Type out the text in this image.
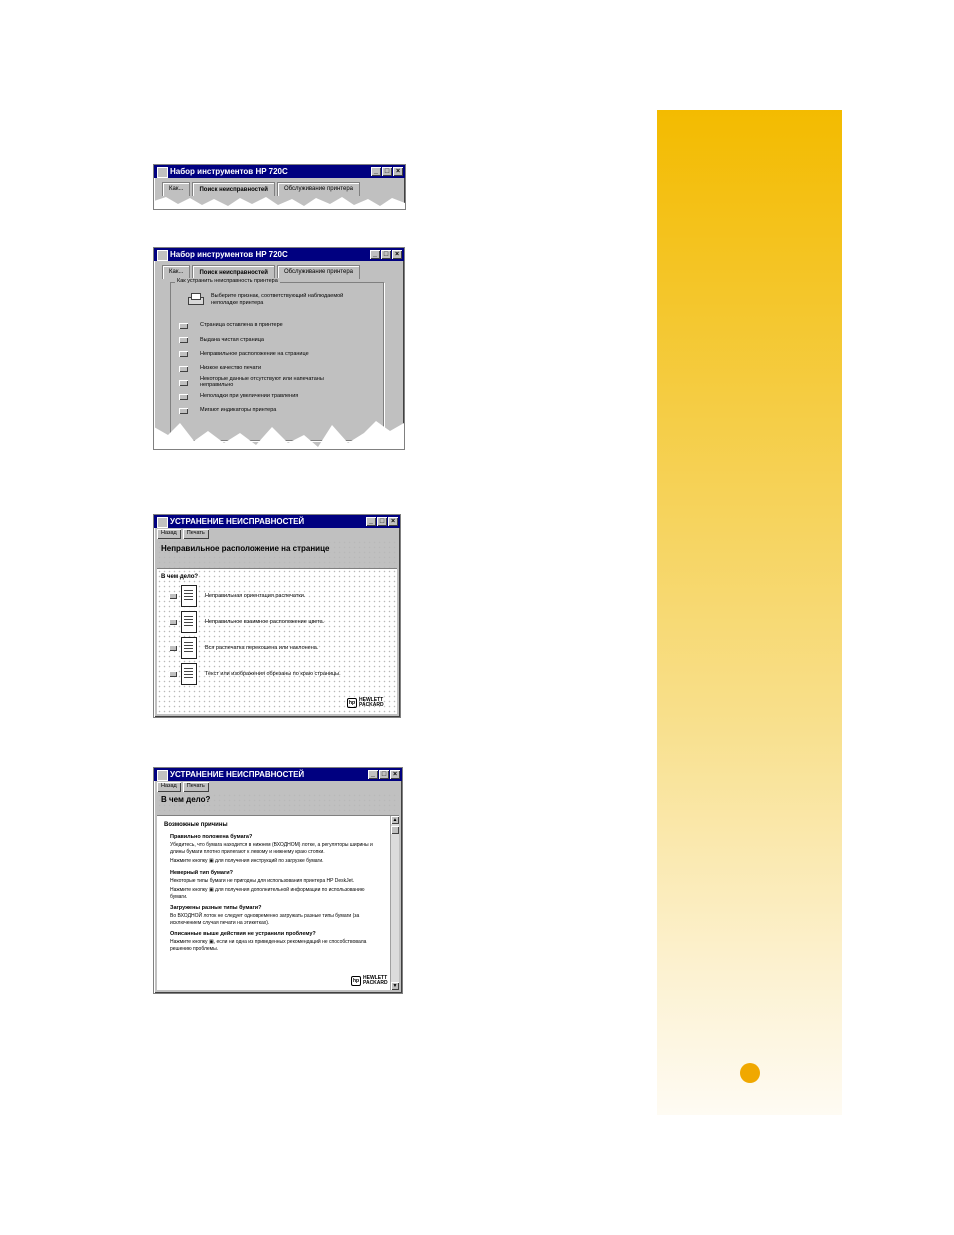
Набор инструментов HP 720C	_ □ ×
Как...	Поиск неисправностей	Обслуживание принтера
Набор инструментов HP 720C	_ □ ×
Как...	Поиск неисправностей	Обслуживание принтера
Как устранить неисправность принтера
Выберите признак, соответствующий наблюдаемой неполадке принтера
Страница оставлена в принтере
Выдана чистая страница
Неправильное расположение на странице
Низкое качество печати
Некоторые данные отсутствуют или напечатаны неправильно
Неполадки при увеличении травления
Мигают индикаторы принтера
УСТРАНЕНИЕ НЕИСПРАВНОСТЕЙ	_ □ ×
Назад	Печать
Неправильное расположение на странице
В чем дело?
Неправильная ориентация распечатки.
Неправильное взаимное расположение цвета.
Вся распечатка перекошена или наклонена.
Текст или изображения обрезаны по краю страницы.
hp HEWLETT PACKARD
УСТРАНЕНИЕ НЕИСПРАВНОСТЕЙ	_ □ ×
Назад	Печать
В чем дело?
Возможные причины
Правильно положена бумага?
Убедитесь, что бумага находится в нижнем (ВХОДНОМ) лотке, а регуляторы ширины и длины бумаги плотно прилегают к левому и нижнему краю стопки.
Нажмите кнопку ▣ для получения инструкций по загрузке бумаги.
Неверный тип бумаги?
Некоторые типы бумаги не пригодны для использования принтера HP DeskJet.
Нажмите кнопку ▣ для получения дополнительной информации по использованию бумаги.
Загружены разные типы бумаги?
Во ВХОДНОЙ лоток не следует одновременно загружать разные типы бумаги (за исключением случая печати на этикетках).
Описанные выше действия не устранили проблему?
Нажмите кнопку ▣, если ни одна из приведенных рекомендаций не способствовала решению проблемы.
hp HEWLETT PACKARD
▲
▼
